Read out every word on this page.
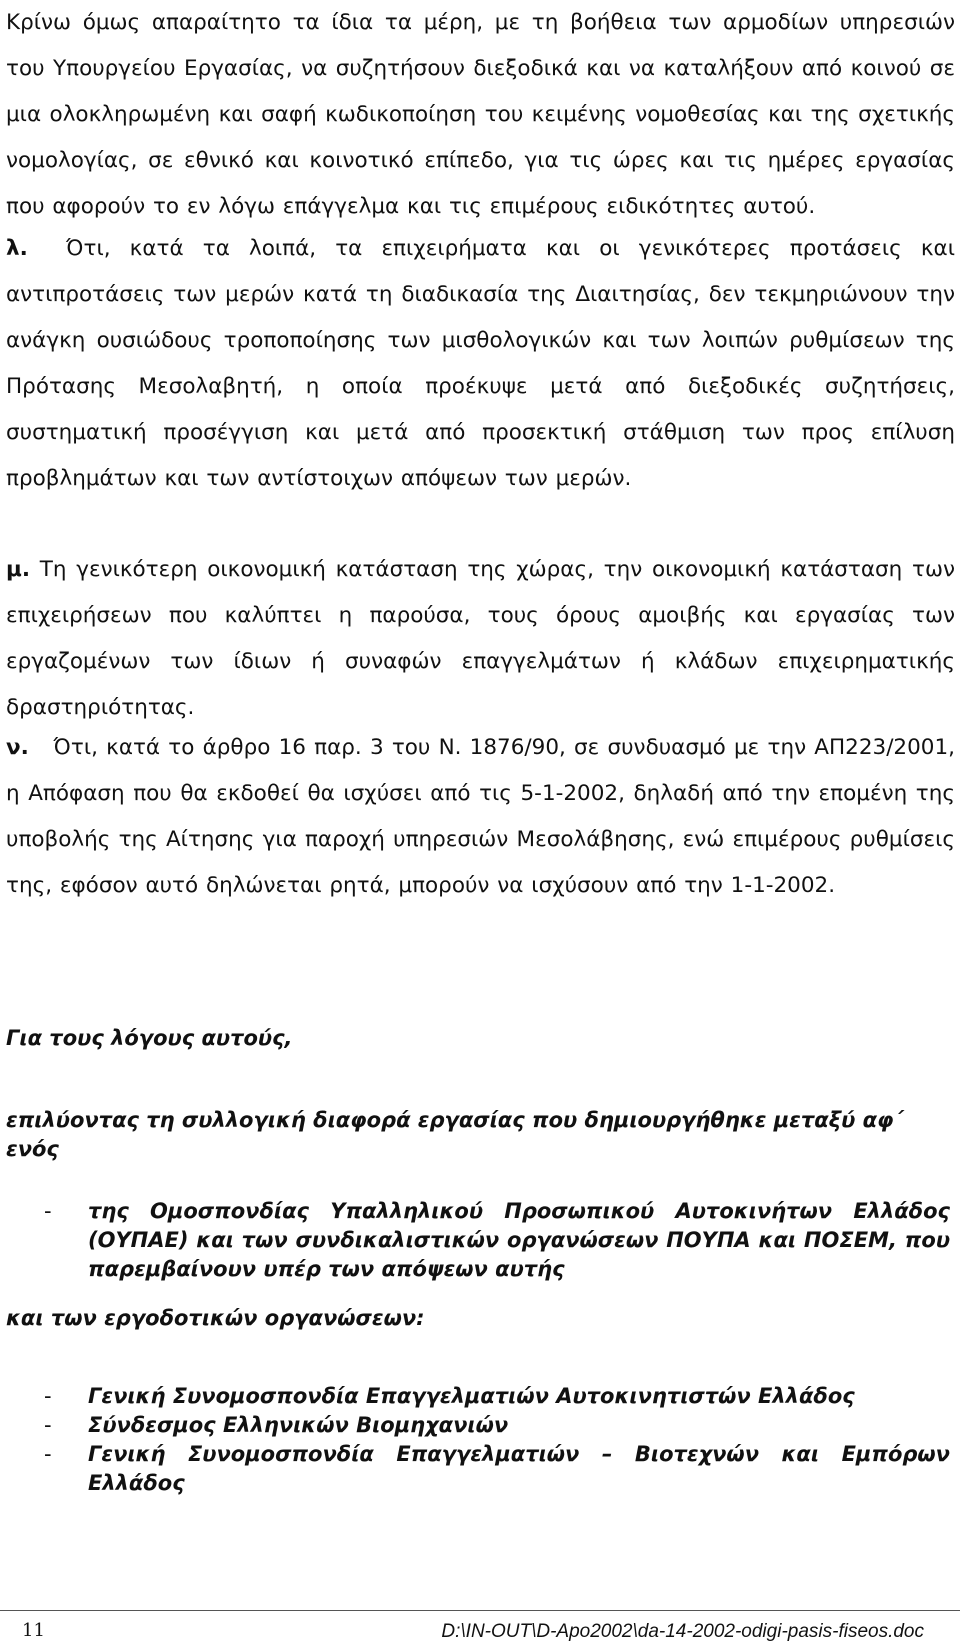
Κρίνω όμως απαραίτητο τα ίδια τα μέρη, με τη βοήθεια των αρμοδίων υπηρεσιών του Υπουργείου Εργασίας, να συζητήσουν διεξοδικά και να καταλήξουν από κοινού σε μια ολοκληρωμένη και σαφή κωδικοποίηση του κειμένης νομοθεσίας και της σχετικής νομολογίας, σε εθνικό και κοινοτικό επίπεδο, για τις ώρες και τις ημέρες εργασίας που αφορούν το εν λόγω επάγγελμα και τις επιμέρους ειδικότητες αυτού.

λ. Ότι, κατά τα λοιπά, τα επιχειρήματα και οι γενικότερες προτάσεις και αντιπροτάσεις των μερών κατά τη διαδικασία της Διαιτησίας, δεν τεκμηριώνουν την ανάγκη ουσιώδους τροποποίησης των μισθολογικών και των λοιπών ρυθμίσεων της Πρότασης Μεσολαβητή, η οποία προέκυψε μετά από διεξοδικές συζητήσεις, συστηματική προσέγγιση και μετά από προσεκτική στάθμιση των προς επίλυση προβλημάτων και των αντίστοιχων απόψεων των μερών.

μ. Τη γενικότερη οικονομική κατάσταση της χώρας, την οικονομική κατάσταση των επιχειρήσεων που καλύπτει η παρούσα, τους όρους αμοιβής και εργασίας των εργαζομένων των ίδιων ή συναφών επαγγελμάτων ή κλάδων επιχειρηματικής δραστηριότητας.

ν. Ότι, κατά το άρθρο 16 παρ. 3 του Ν. 1876/90, σε συνδυασμό με την ΑΠ223/2001, η Απόφαση που θα εκδοθεί θα ισχύσει από τις 5-1-2002, δηλαδή από την επομένη της υποβολής της Αίτησης για παροχή υπηρεσιών Μεσολάβησης, ενώ επιμέρους ρυθμίσεις της, εφόσον αυτό δηλώνεται ρητά, μπορούν να ισχύσουν από την 1-1-2002.

Για τους λόγους αυτούς,

επιλύοντας τη συλλογική διαφορά εργασίας που δημιουργήθηκε μεταξύ αφ΄ ενός

- της Ομοσπονδίας Υπαλληλικού Προσωπικού Αυτοκινήτων Ελλάδος (ΟΥΠΑΕ) και των συνδικαλιστικών οργανώσεων ΠΟΥΠΑ και ΠΟΣΕΜ, που παρεμβαίνουν υπέρ των απόψεων αυτής

και των εργοδοτικών οργανώσεων:

- Γενική Συνομοσπονδία Επαγγελματιών Αυτοκινητιστών Ελλάδος
- Σύνδεσμος Ελληνικών Βιομηχανιών
- Γενική Συνομοσπονδία Επαγγελματιών – Βιοτεχνών και Εμπόρων Ελλάδος
11	D:\IN-OUT\D-Apo2002\da-14-2002-odigi-pasis-fiseos.doc
